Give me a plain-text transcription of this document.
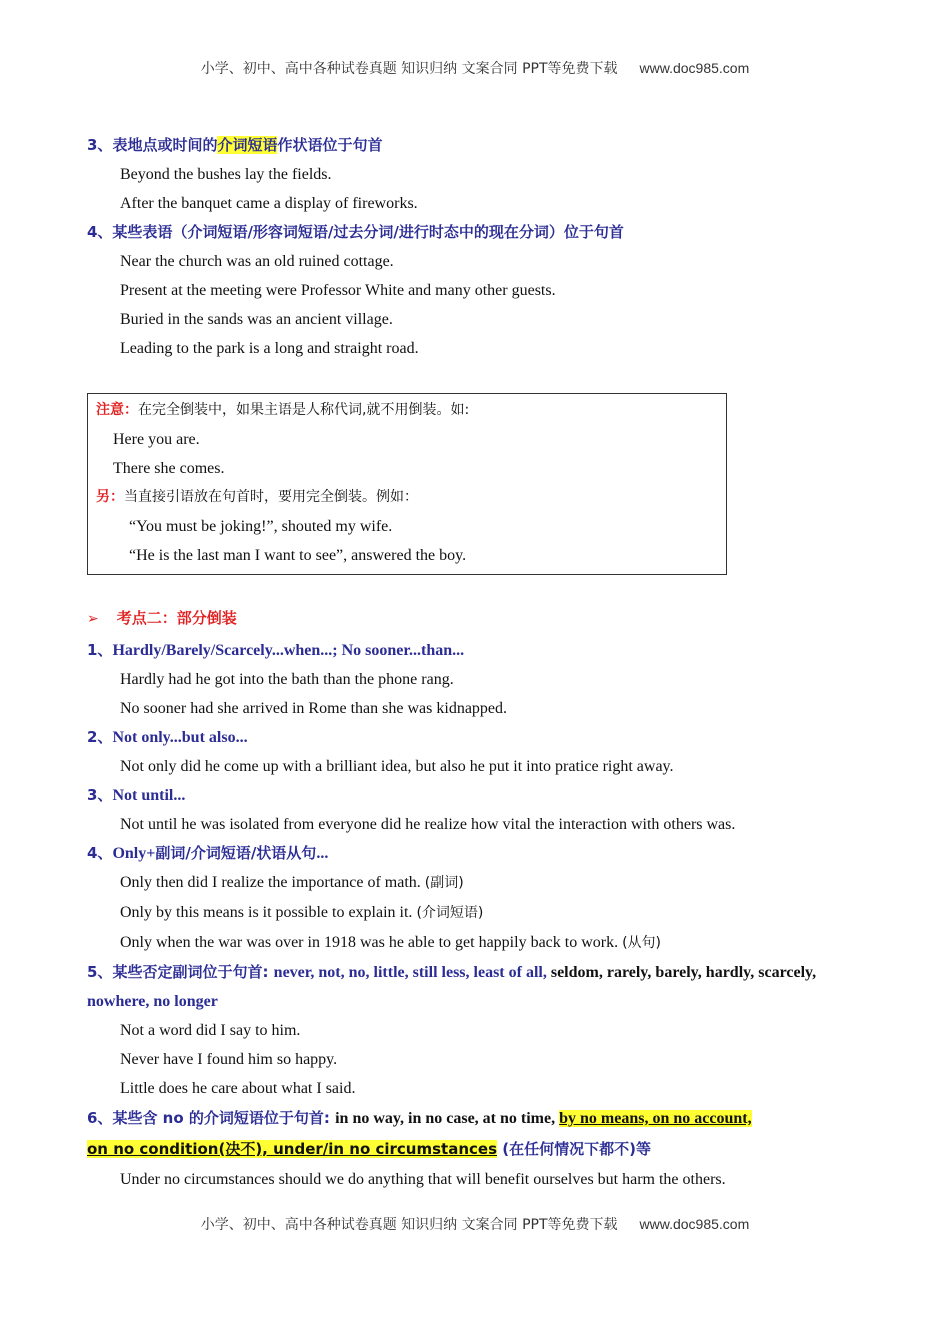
小学、初中、高中各种试卷真题 知识归纳 文案合同 PPT等免费下载 www.doc985.com
3、表地点或时间的介词短语作状语位于句首
Beyond the bushes lay the fields.
After the banquet came a display of fireworks.
4、某些表语（介词短语/形容词短语/过去分词/进行时态中的现在分词）位于句首
Near the church was an old ruined cottage.
Present at the meeting were Professor White and many other guests.
Buried in the sands was an ancient village.
Leading to the park is a long and straight road.
注意：在完全倒装中，如果主语是人称代词,就不用倒装。如:
Here you are.
There she comes.
另：当直接引语放在句首时，要用完全倒装。例如：
“You must be joking!”, shouted my wife.
“He is the last man I want to see”, answered the boy.
➢ 考点二：部分倒装
1、Hardly/Barely/Scarcely...when...; No sooner...than...
Hardly had he got into the bath than the phone rang.
No sooner had she arrived in Rome than she was kidnapped.
2、Not only...but also...
Not only did he come up with a brilliant idea, but also he put it into pratice right away.
3、Not until...
Not until he was isolated from everyone did he realize how vital the interaction with others was.
4、Only+副词/介词短语/状语从句...
Only then did I realize the importance of math. (副词)
Only by this means is it possible to explain it. (介词短语)
Only when the war was over in 1918 was he able to get happily back to work. (从句)
5、某些否定副词位于句首: never, not, no, little, still less, least of all, seldom, rarely, barely, hardly, scarcely,
nowhere, no longer
Not a word did I say to him.
Never have I found him so happy.
Little does he care about what I said.
6、某些含 no 的介词短语位于句首: in no way, in no case, at no time, by no means, on no account,
on no condition(决不), under/in no circumstances (在任何情况下都不)等
Under no circumstances should we do anything that will benefit ourselves but harm the others.
小学、初中、高中各种试卷真题 知识归纳 文案合同 PPT等免费下载 www.doc985.com
